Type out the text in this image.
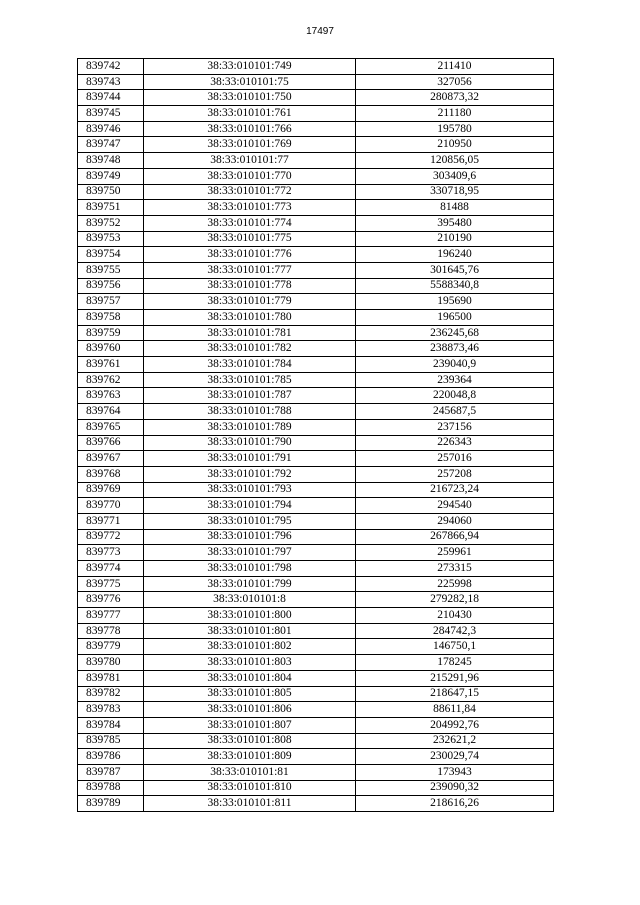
17497
839742	38:33:010101:749	211410
839743	38:33:010101:75	327056
839744	38:33:010101:750	280873,32
839745	38:33:010101:761	211180
839746	38:33:010101:766	195780
839747	38:33:010101:769	210950
839748	38:33:010101:77	120856,05
839749	38:33:010101:770	303409,6
839750	38:33:010101:772	330718,95
839751	38:33:010101:773	81488
839752	38:33:010101:774	395480
839753	38:33:010101:775	210190
839754	38:33:010101:776	196240
839755	38:33:010101:777	301645,76
839756	38:33:010101:778	5588340,8
839757	38:33:010101:779	195690
839758	38:33:010101:780	196500
839759	38:33:010101:781	236245,68
839760	38:33:010101:782	238873,46
839761	38:33:010101:784	239040,9
839762	38:33:010101:785	239364
839763	38:33:010101:787	220048,8
839764	38:33:010101:788	245687,5
839765	38:33:010101:789	237156
839766	38:33:010101:790	226343
839767	38:33:010101:791	257016
839768	38:33:010101:792	257208
839769	38:33:010101:793	216723,24
839770	38:33:010101:794	294540
839771	38:33:010101:795	294060
839772	38:33:010101:796	267866,94
839773	38:33:010101:797	259961
839774	38:33:010101:798	273315
839775	38:33:010101:799	225998
839776	38:33:010101:8	279282,18
839777	38:33:010101:800	210430
839778	38:33:010101:801	284742,3
839779	38:33:010101:802	146750,1
839780	38:33:010101:803	178245
839781	38:33:010101:804	215291,96
839782	38:33:010101:805	218647,15
839783	38:33:010101:806	88611,84
839784	38:33:010101:807	204992,76
839785	38:33:010101:808	232621,2
839786	38:33:010101:809	230029,74
839787	38:33:010101:81	173943
839788	38:33:010101:810	239090,32
839789	38:33:010101:811	218616,26
